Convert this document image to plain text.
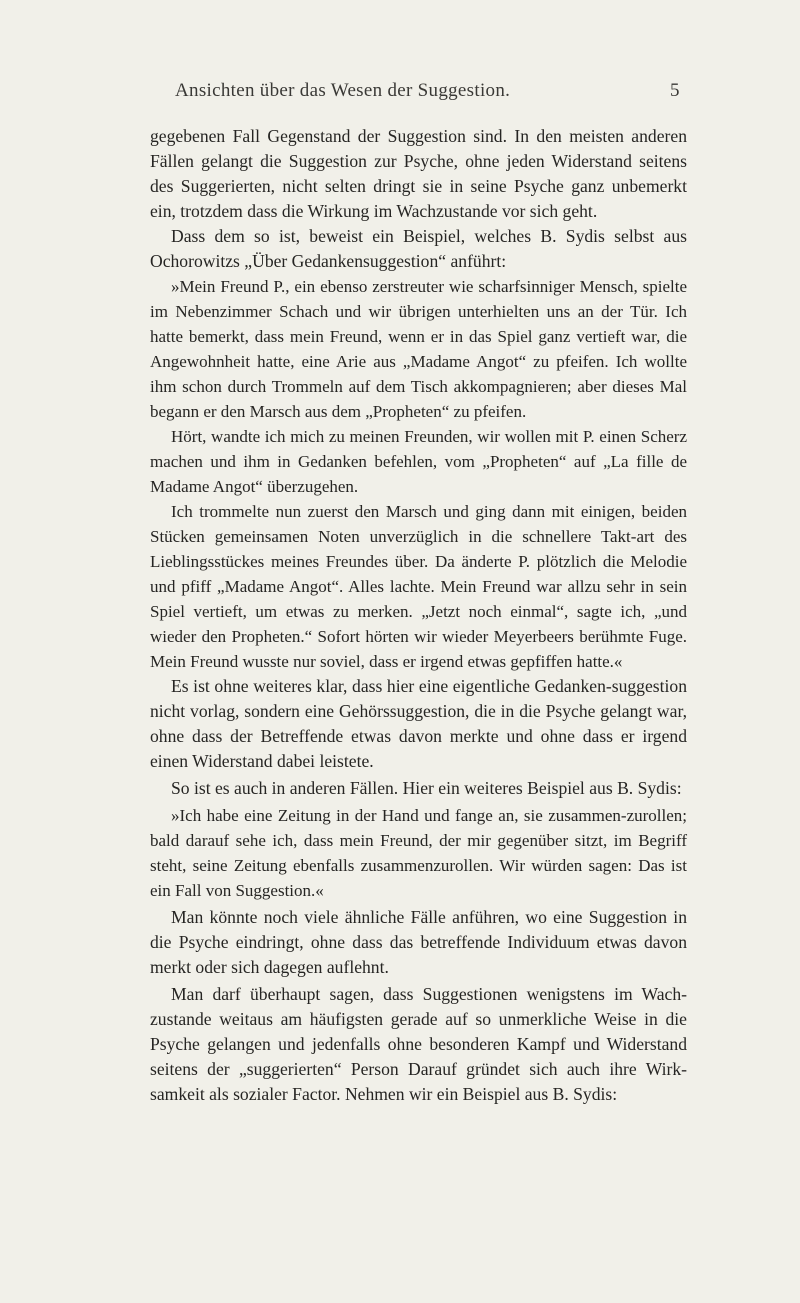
Ansichten über das Wesen der Suggestion.	5

gegebenen Fall Gegenstand der Suggestion sind. In den meisten anderen Fällen gelangt die Suggestion zur Psyche, ohne jeden Widerstand seitens des Suggerierten, nicht selten dringt sie in seine Psyche ganz unbemerkt ein, trotzdem dass die Wirkung im Wachzustande vor sich geht.

Dass dem so ist, beweist ein Beispiel, welches B. Sydis selbst aus Ochorowitzs „Über Gedankensuggestion“ anführt:

»Mein Freund P., ein ebenso zerstreuter wie scharfsinniger Mensch, spielte im Nebenzimmer Schach und wir übrigen unterhielten uns an der Tür. Ich hatte bemerkt, dass mein Freund, wenn er in das Spiel ganz vertieft war, die Angewohnheit hatte, eine Arie aus „Madame Angot“ zu pfeifen. Ich wollte ihm schon durch Trommeln auf dem Tisch akkompagnieren; aber dieses Mal begann er den Marsch aus dem „Propheten“ zu pfeifen.

Hört, wandte ich mich zu meinen Freunden, wir wollen mit P. einen Scherz machen und ihm in Gedanken befehlen, vom „Propheten“ auf „La fille de Madame Angot“ überzugehen.

Ich trommelte nun zuerst den Marsch und ging dann mit einigen, beiden Stücken gemeinsamen Noten unverzüglich in die schnellere Takt-art des Lieblingsstückes meines Freundes über. Da änderte P. plötzlich die Melodie und pfiff „Madame Angot“. Alles lachte. Mein Freund war allzu sehr in sein Spiel vertieft, um etwas zu merken. „Jetzt noch einmal“, sagte ich, „und wieder den Propheten.“ Sofort hörten wir wieder Meyerbeers berühmte Fuge. Mein Freund wusste nur soviel, dass er irgend etwas gepfiffen hatte.«

Es ist ohne weiteres klar, dass hier eine eigentliche Gedanken-suggestion nicht vorlag, sondern eine Gehörssuggestion, die in die Psyche gelangt war, ohne dass der Betreffende etwas davon merkte und ohne dass er irgend einen Widerstand dabei leistete.

So ist es auch in anderen Fällen. Hier ein weiteres Beispiel aus B. Sydis:

»Ich habe eine Zeitung in der Hand und fange an, sie zusammen-zurollen; bald darauf sehe ich, dass mein Freund, der mir gegenüber sitzt, im Begriff steht, seine Zeitung ebenfalls zusammenzurollen. Wir würden sagen: Das ist ein Fall von Suggestion.«

Man könnte noch viele ähnliche Fälle anführen, wo eine Suggestion in die Psyche eindringt, ohne dass das betreffende Individuum etwas davon merkt oder sich dagegen auflehnt.

Man darf überhaupt sagen, dass Suggestionen wenigstens im Wach-zustande weitaus am häufigsten gerade auf so unmerkliche Weise in die Psyche gelangen und jedenfalls ohne besonderen Kampf und Widerstand seitens der „suggerierten“ Person Darauf gründet sich auch ihre Wirk-samkeit als sozialer Factor. Nehmen wir ein Beispiel aus B. Sydis:
